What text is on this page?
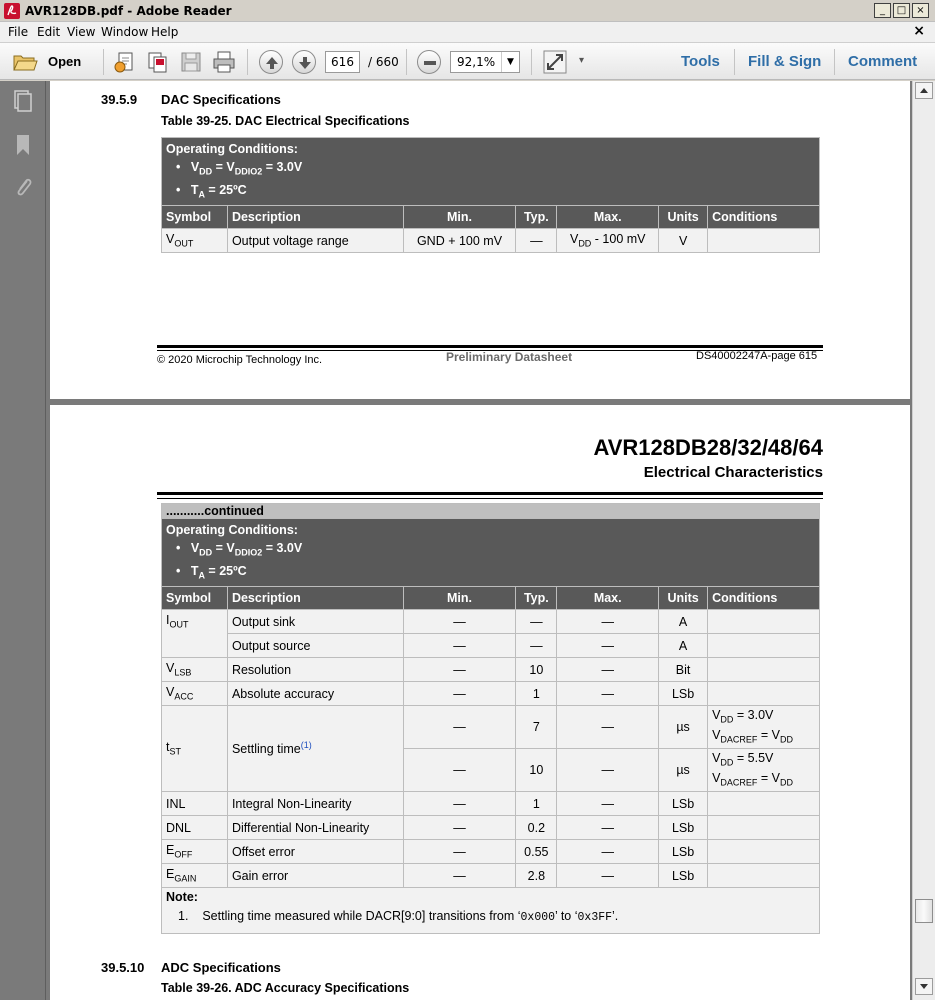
AVR128DB.pdf - Adobe Reader	_	□	×
File Edit View Window Help	×
Open	616	/ 660	92,1%	▼	▾	Tools Fill & Sign Comment
39.5.9 DAC Specifications
Table 39-25. DAC Electrical Specifications
Operating Conditions:
• $V_{DD} = V_{DDIO2} = 3.0V$
• $T_A$ = 25ºC						

Symbol	Description	Min.	Typ.	Max.	Units	Conditions
$V_{OUT}$	Output voltage range	GND + 100 mV	—	$V_{DD} - 100$ mV	V	
© 2020 Microchip Technology Inc.	Preliminary Datasheet	DS40002247A-page 615
AVR128DB28/32/48/64
Electrical Characteristics
...........continued						

Operating Conditions:
• $V_{DD} = V_{DDIO2} = 3.0V$
• $T_A$ = 25ºC						

Symbol	Description	Min.	Typ.	Max.	Units	Conditions
$I_{OUT}$	Output sink	—	—	—	A	
	Output source	—	—	—	A	
$V_{LSB}$	Resolution	—	10	—	Bit	
$V_{ACC}$	Absolute accuracy	—	1	—	LSb	
$t_{ST}$	Settling time$^{(1)}$	—	7	—	µs	$V_{DD} = 3.0V$
$V_{DACREF} = V_{DD}$

		—	10	—	µs	$V_{DD} = 5.5V$
$V_{DACREF} = V_{DD}$

INL	Integral Non-Linearity	—	1	—	LSb	
DNL	Differential Non-Linearity	—	0.2	—	LSb	
$E_{OFF}$	Offset error	—	0.55	—	LSb	
$E_{GAIN}$	Gain error	—	2.8	—	LSb	

Note:
1. Settling time measured while DACR[9:0] transitions from ‘0x000’ to ‘0x3FF’.						
39.5.10 ADC Specifications
Table 39-26. ADC Accuracy Specifications
